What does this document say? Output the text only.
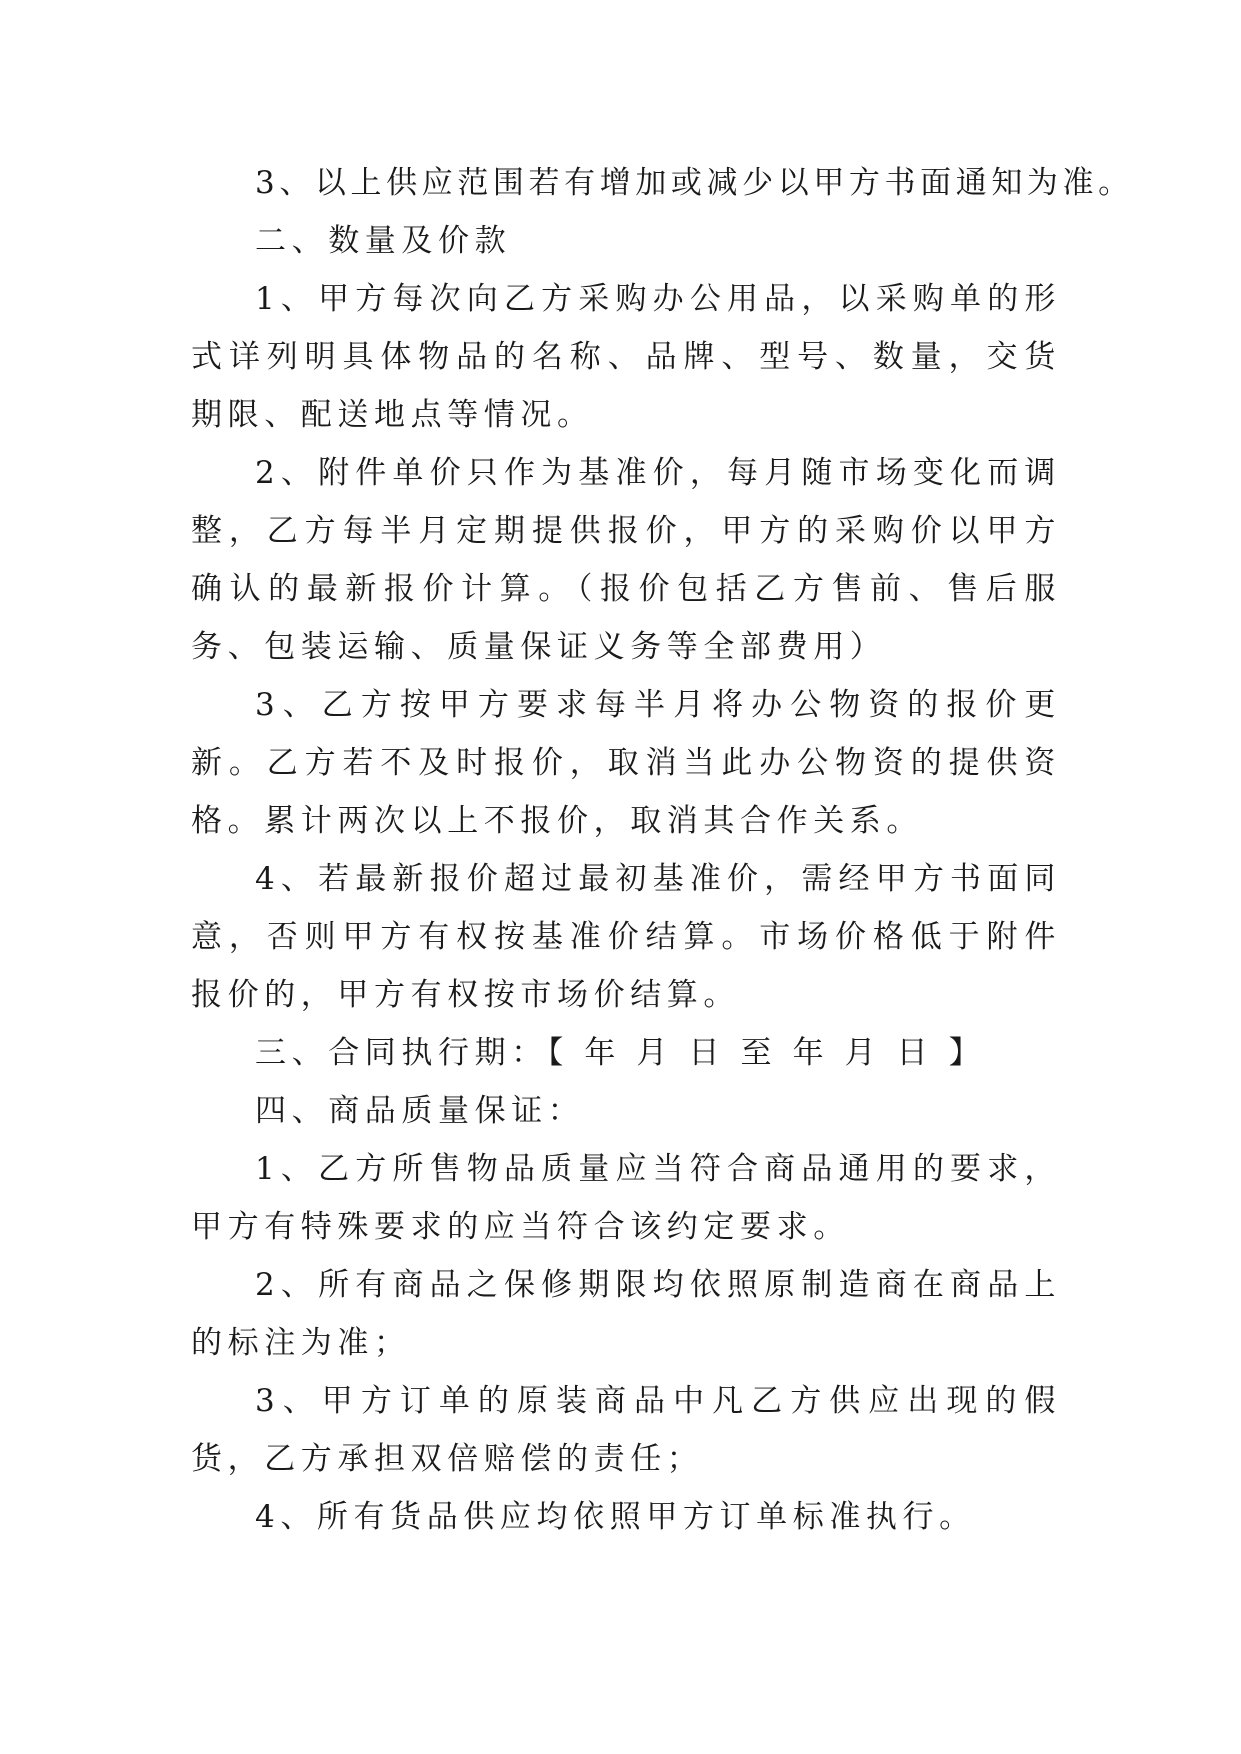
3、以上供应范围若有增加或减少以甲方书面通知为准。

二、数量及价款

1、甲方每次向乙方采购办公用品，以采购单的形式详列明具体物品的名称、品牌、型号、数量，交货期限、配送地点等情况。

2、附件单价只作为基准价，每月随市场变化而调整，乙方每半月定期提供报价，甲方的采购价以甲方确认的最新报价计算。（报价包括乙方售前、售后服务、包装运输、质量保证义务等全部费用）

3、乙方按甲方要求每半月将办公物资的报价更新。乙方若不及时报价，取消当此办公物资的提供资格。累计两次以上不报价，取消其合作关系。

4、若最新报价超过最初基准价，需经甲方书面同意，否则甲方有权按基准价结算。市场价格低于附件报价的，甲方有权按市场价结算。

三、合同执行期：【 年 月 日 至 年 月 日 】

四、商品质量保证：

1、乙方所售物品质量应当符合商品通用的要求，甲方有特殊要求的应当符合该约定要求。

2、所有商品之保修期限均依照原制造商在商品上的标注为准；

3、甲方订单的原装商品中凡乙方供应出现的假货，乙方承担双倍赔偿的责任；

4、所有货品供应均依照甲方订单标准执行。
